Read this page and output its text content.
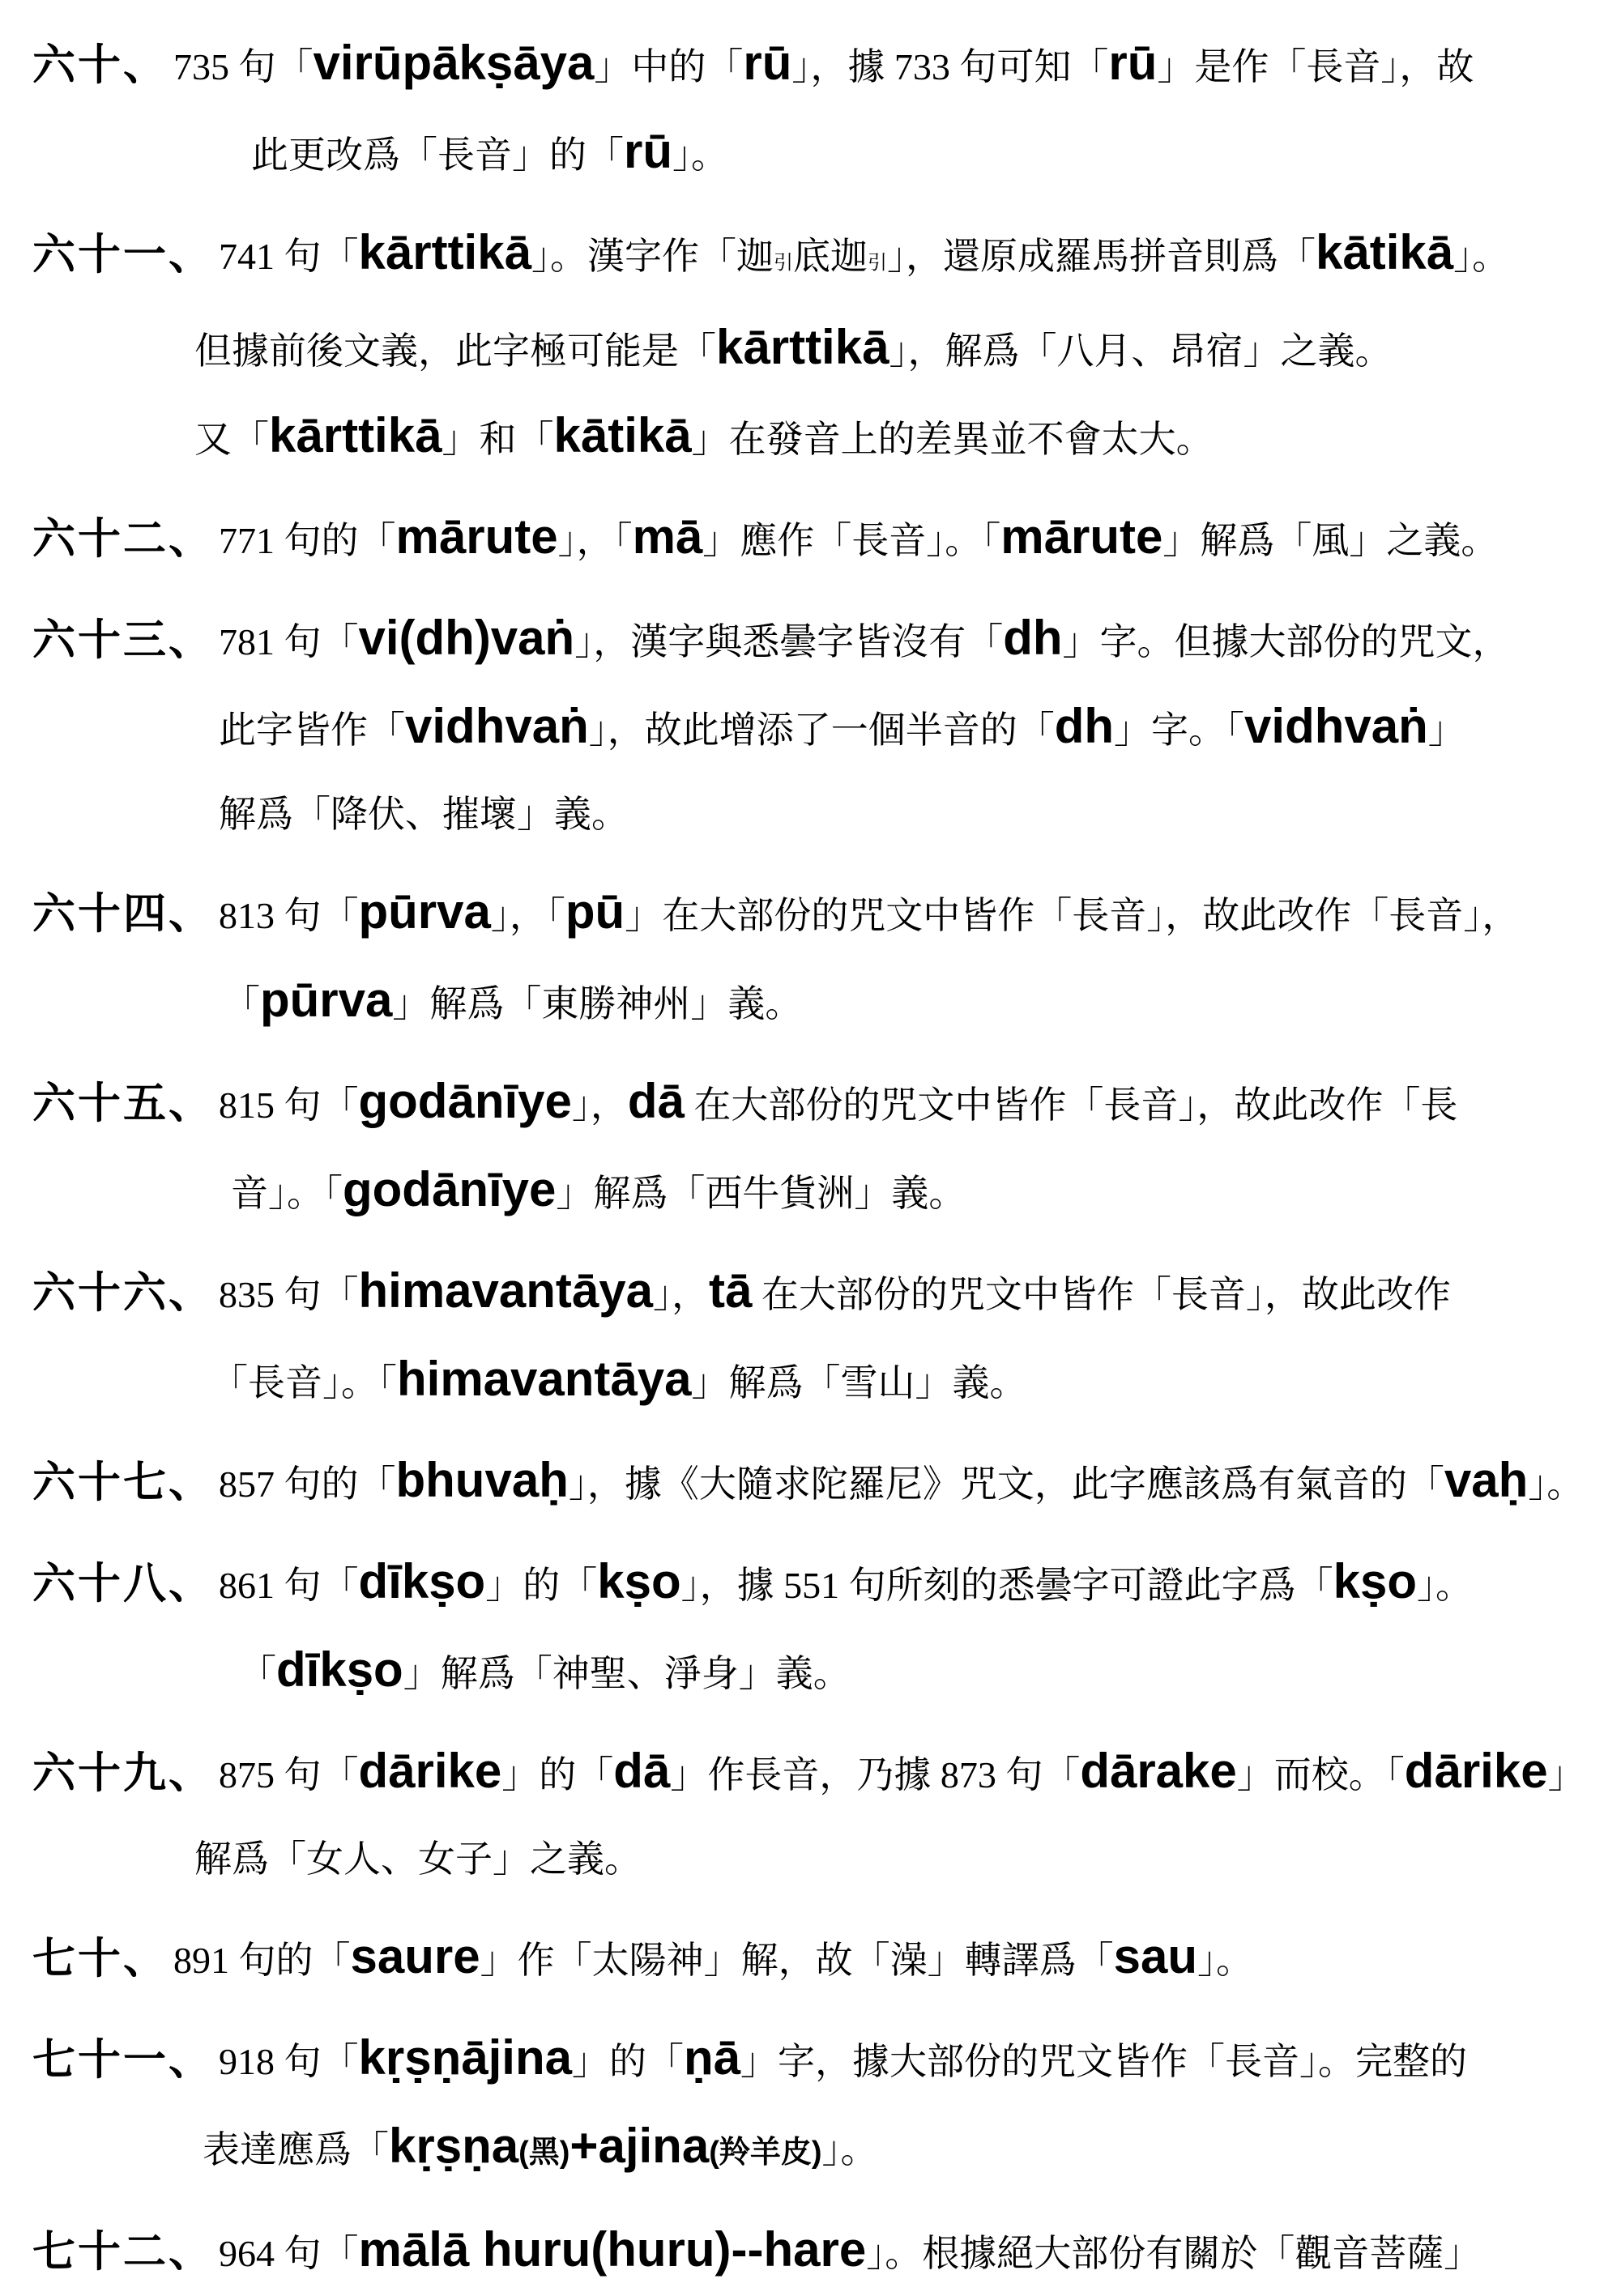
六十、 735 句「virūpākṣāya」中的「rū」，據 733 句可知「rū」是作「長音」，故
此更改爲「長音」的「rū」。
六十一、 741 句「kārttikā」。漢字作「迦引底迦引」，還原成羅馬拼音則爲「kātikā」。
但據前後文義，此字極可能是「kārttikā」，解爲「八月、昂宿」之義。
又「kārttikā」和「kātikā」在發音上的差異並不會太大。
六十二、 771 句的「mārute」，「mā」應作「長音」。「mārute」解爲「風」之義。
六十三、 781 句「vi(dh)vaṅ」，漢字與悉曇字皆沒有「dh」字。但據大部份的咒文，
此字皆作「vidhvaṅ」，故此增添了一個半音的「dh」字。「vidhvaṅ」
解爲「降伏、摧壞」義。
六十四、 813 句「pūrva」，「pū」在大部份的咒文中皆作「長音」，故此改作「長音」，
「pūrva」解爲「東勝神州」義。
六十五、 815 句「godānīye」，dā 在大部份的咒文中皆作「長音」，故此改作「長
音」。「godānīye」解爲「西牛貨洲」義。
六十六、 835 句「himavantāya」，tā 在大部份的咒文中皆作「長音」，故此改作
「長音」。「himavantāya」解爲「雪山」義。
六十七、 857 句的「bhuvaḥ」，據《大隨求陀羅尼》咒文，此字應該爲有氣音的「vaḥ」。
六十八、 861 句「dīkṣo」的「kṣo」，據 551 句所刻的悉曇字可證此字爲「kṣo」。
「dīkṣo」解爲「神聖、淨身」義。
六十九、 875 句「dārike」的「dā」作長音，乃據 873 句「dārake」而校。「dārike」
解爲「女人、女子」之義。
七十、 891 句的「saure」作「太陽神」解，故「澡」轉譯爲「sau」。
七十一、 918 句「kṛṣṇājina」的「ṇā」字，據大部份的咒文皆作「長音」。完整的
表達應爲「kṛṣṇa(黑)+ajina(羚羊皮)」。
七十二、 964 句「mālā huru(huru)--hare」。根據絕大部份有關於「觀音菩薩」
